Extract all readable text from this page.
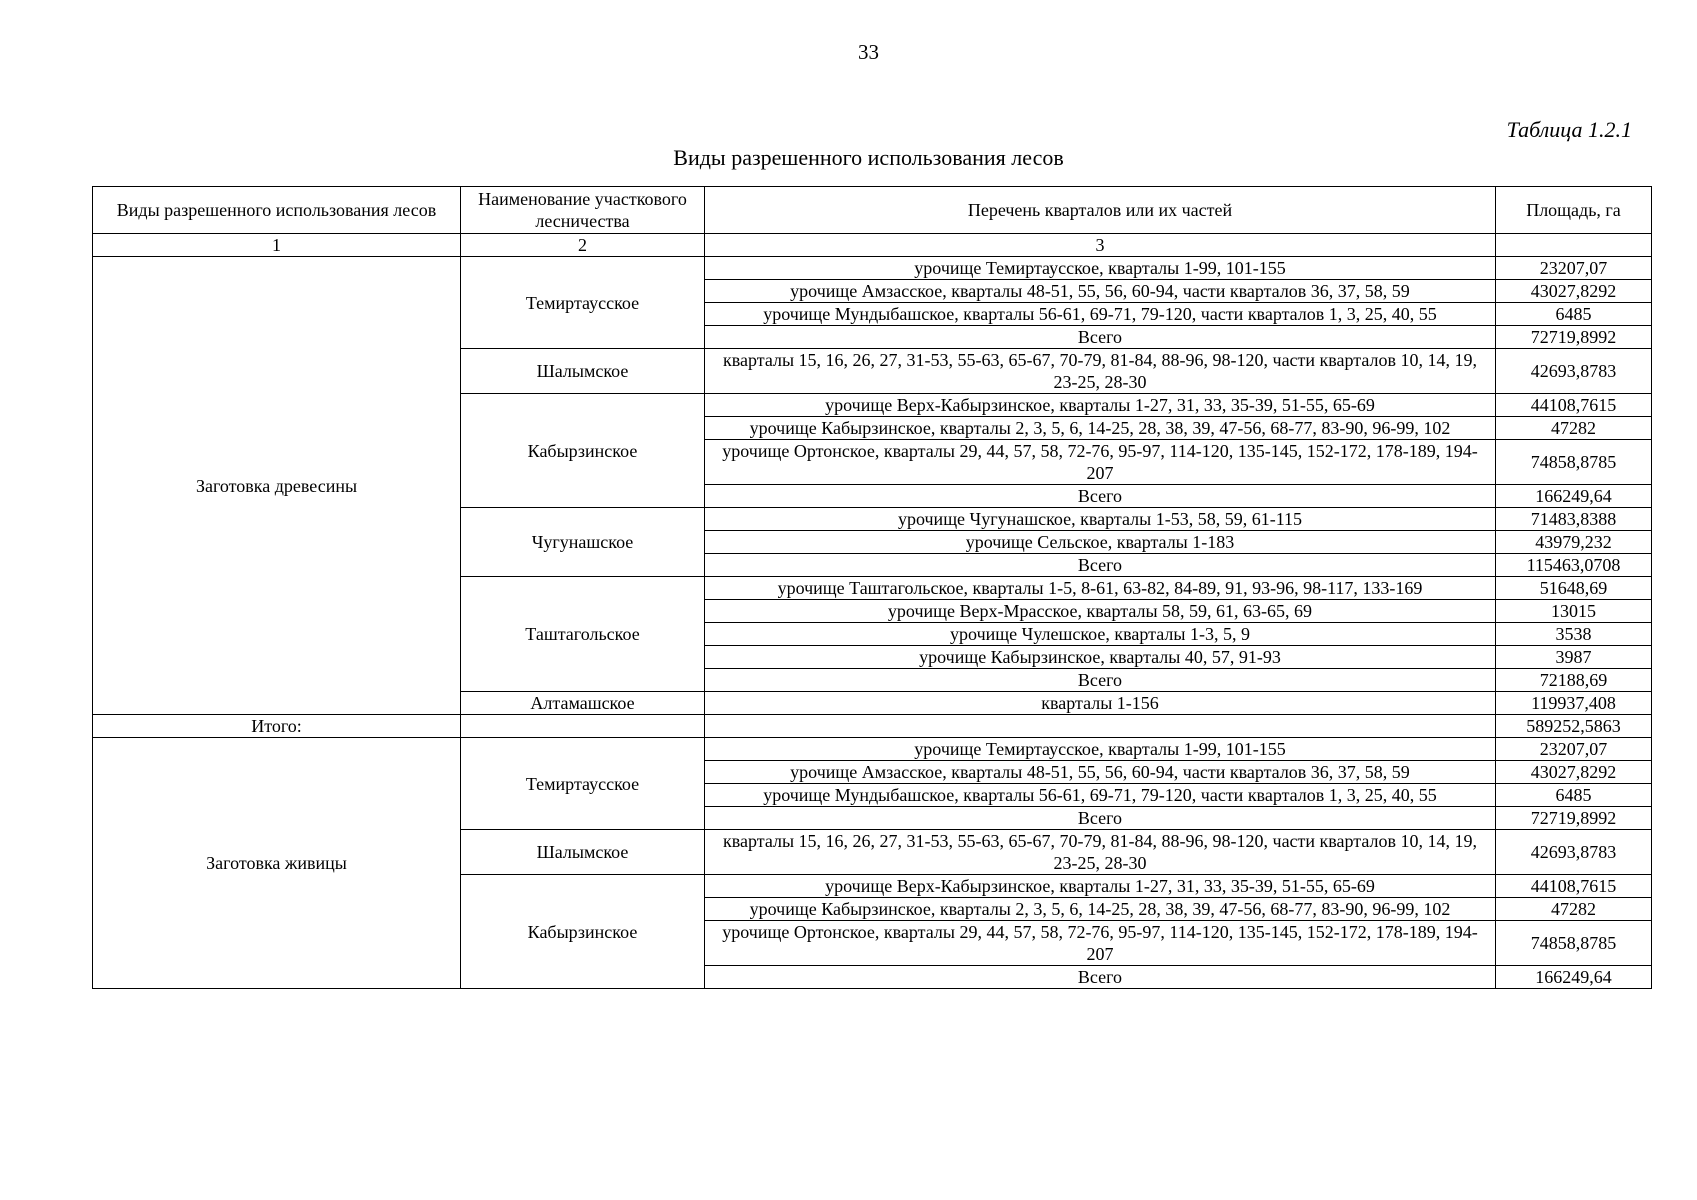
33
Таблица 1.2.1
Виды разрешенного использования лесов
Виды разрешенного использования лесов	Наименование участкового лесничества	Перечень кварталов или их частей	Площадь, га
1	2	3	
Заготовка древесины	Темиртаусское	урочище Темиртаусское, кварталы 1-99, 101-155	23207,07
		урочище Амзасское, кварталы 48-51, 55, 56, 60-94, части кварталов 36, 37, 58, 59	43027,8292
		урочище Мундыбашское, кварталы 56-61, 69-71, 79-120, части кварталов 1, 3, 25, 40, 55	6485
		Всего	72719,8992
	Шалымское	кварталы 15, 16, 26, 27, 31-53, 55-63, 65-67, 70-79, 81-84, 88-96, 98-120, части кварталов 10, 14, 19, 23-25, 28-30	42693,8783
	Кабырзинское	урочище Верх-Кабырзинское, кварталы 1-27, 31, 33, 35-39, 51-55, 65-69	44108,7615
		урочище Кабырзинское, кварталы 2, 3, 5, 6, 14-25, 28, 38, 39, 47-56, 68-77, 83-90, 96-99, 102	47282
		урочище Ортонское, кварталы 29, 44, 57, 58, 72-76, 95-97, 114-120, 135-145, 152-172, 178-189, 194-207	74858,8785
		Всего	166249,64
	Чугунашское	урочище Чугунашское, кварталы 1-53, 58, 59, 61-115	71483,8388
		урочище Сельское, кварталы 1-183	43979,232
		Всего	115463,0708
	Таштагольское	урочище Таштагольское, кварталы 1-5, 8-61, 63-82, 84-89, 91, 93-96, 98-117, 133-169	51648,69
		урочище Верх-Мрасское, кварталы 58, 59, 61, 63-65, 69	13015
		урочище Чулешское, кварталы 1-3, 5, 9	3538
		урочище Кабырзинское, кварталы 40, 57, 91-93	3987
		Всего	72188,69
	Алтамашское	кварталы 1-156	119937,408
Итого:			589252,5863
Заготовка живицы	Темиртаусское	урочище Темиртаусское, кварталы 1-99, 101-155	23207,07
		урочище Амзасское, кварталы 48-51, 55, 56, 60-94, части кварталов 36, 37, 58, 59	43027,8292
		урочище Мундыбашское, кварталы 56-61, 69-71, 79-120, части кварталов 1, 3, 25, 40, 55	6485
		Всего	72719,8992
	Шалымское	кварталы 15, 16, 26, 27, 31-53, 55-63, 65-67, 70-79, 81-84, 88-96, 98-120, части кварталов 10, 14, 19, 23-25, 28-30	42693,8783
	Кабырзинское	урочище Верх-Кабырзинское, кварталы 1-27, 31, 33, 35-39, 51-55, 65-69	44108,7615
		урочище Кабырзинское, кварталы 2, 3, 5, 6, 14-25, 28, 38, 39, 47-56, 68-77, 83-90, 96-99, 102	47282
		урочище Ортонское, кварталы 29, 44, 57, 58, 72-76, 95-97, 114-120, 135-145, 152-172, 178-189, 194-207	74858,8785
		Всего	166249,64
